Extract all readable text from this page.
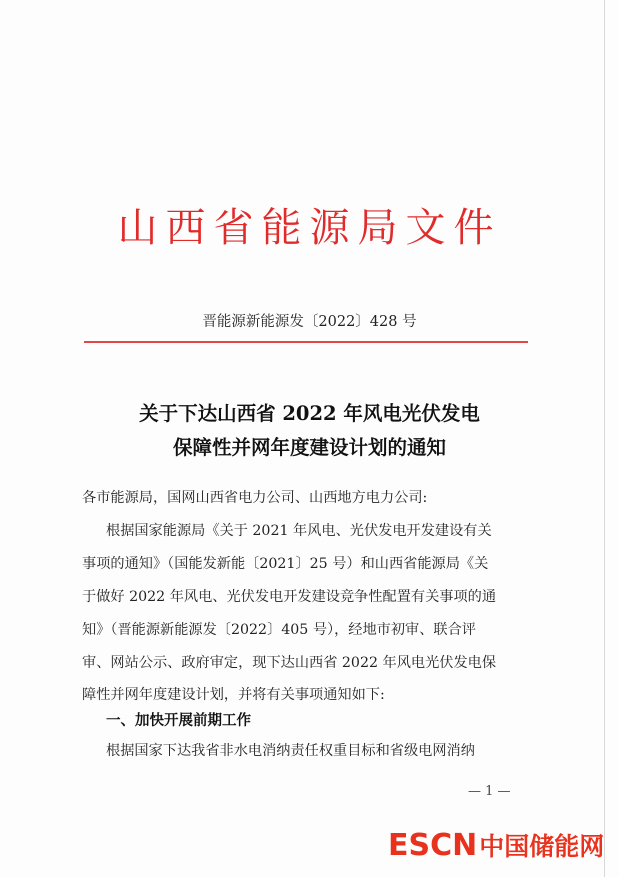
山西省能源局文件
晋能源新能源发〔2022〕428 号
关于下达山西省 2022 年风电光伏发电
保障性并网年度建设计划的通知
各市能源局，国网山西省电力公司、山西地方电力公司:
根据国家能源局《关于 2021 年风电、光伏发电开发建设有关
事项的通知》（国能发新能〔2021〕25 号）和山西省能源局《关
于做好 2022 年风电、光伏发电开发建设竞争性配置有关事项的通
知》（晋能源新能源发〔2022〕405 号），经地市初审、联合评
审、网站公示、政府审定，现下达山西省 2022 年风电光伏发电保
障性并网年度建设计划，并将有关事项通知如下:
一、加快开展前期工作
根据国家下达我省非水电消纳责任权重目标和省级电网消纳
— 1 —
ESCN 中国储能网
